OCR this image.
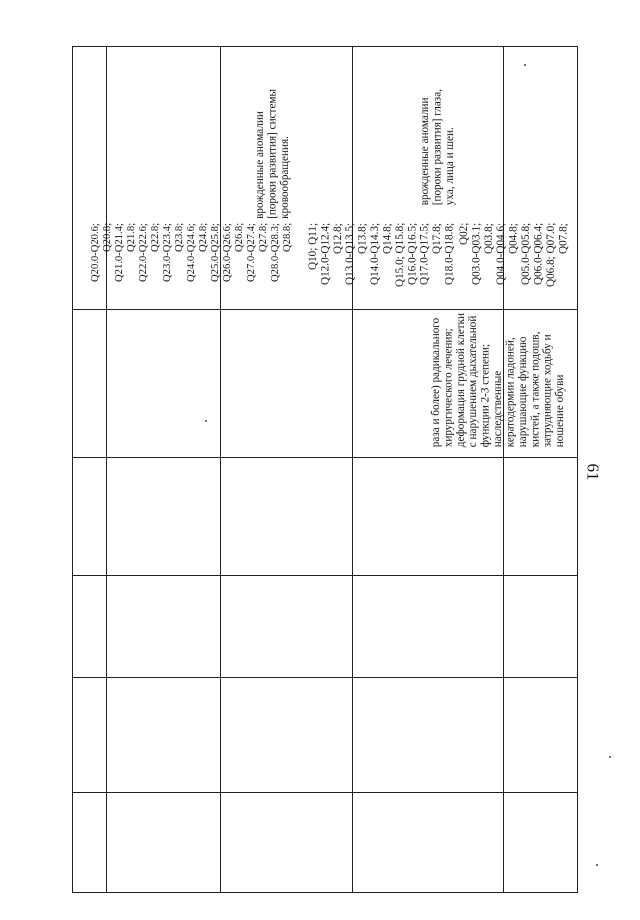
61
врожденные аномалии [пороки развития] глаза, уха, лица и шеи.
врожденные аномалии [пороки развития] системы кровообращения.
Q02; Q03.0-Q03.1; Q03.8; Q04.0-Q04.6; Q04.8; Q05.0-Q05.8; Q06.0-Q06.4; Q06.8; Q07.0; Q07.8;
Q10; Q11; Q12.0-Q12.4; Q12.8; Q13.0-Q13.5; Q13.8; Q14.0-Q14.3; Q14.8; Q15.0; Q15.8; Q16.0-Q16.5; Q17.0-Q17.5; Q17.8; Q18.0-Q18.8;
Q20.0-Q20.6; Q20.8; Q21.0-Q21.4; Q21.8; Q22.0-Q22.6; Q22.8; Q23.0-Q23.4; Q23.8; Q24.0-Q24.6; Q24.8; Q25.0-Q25.8; Q26.0-Q26.6; Q26.8; Q27.0-Q27.4; Q27.8; Q28.0-Q28.3; Q28.8;
раза и более) радикального хирургического лечения; деформация грудной клетки с нарушением дыхательной функции 2-3 степени; наследственные кератодермии ладоней, нарушающие функцию кистей, а также подошв, затрудняющие ходьбу и ношение обуви
